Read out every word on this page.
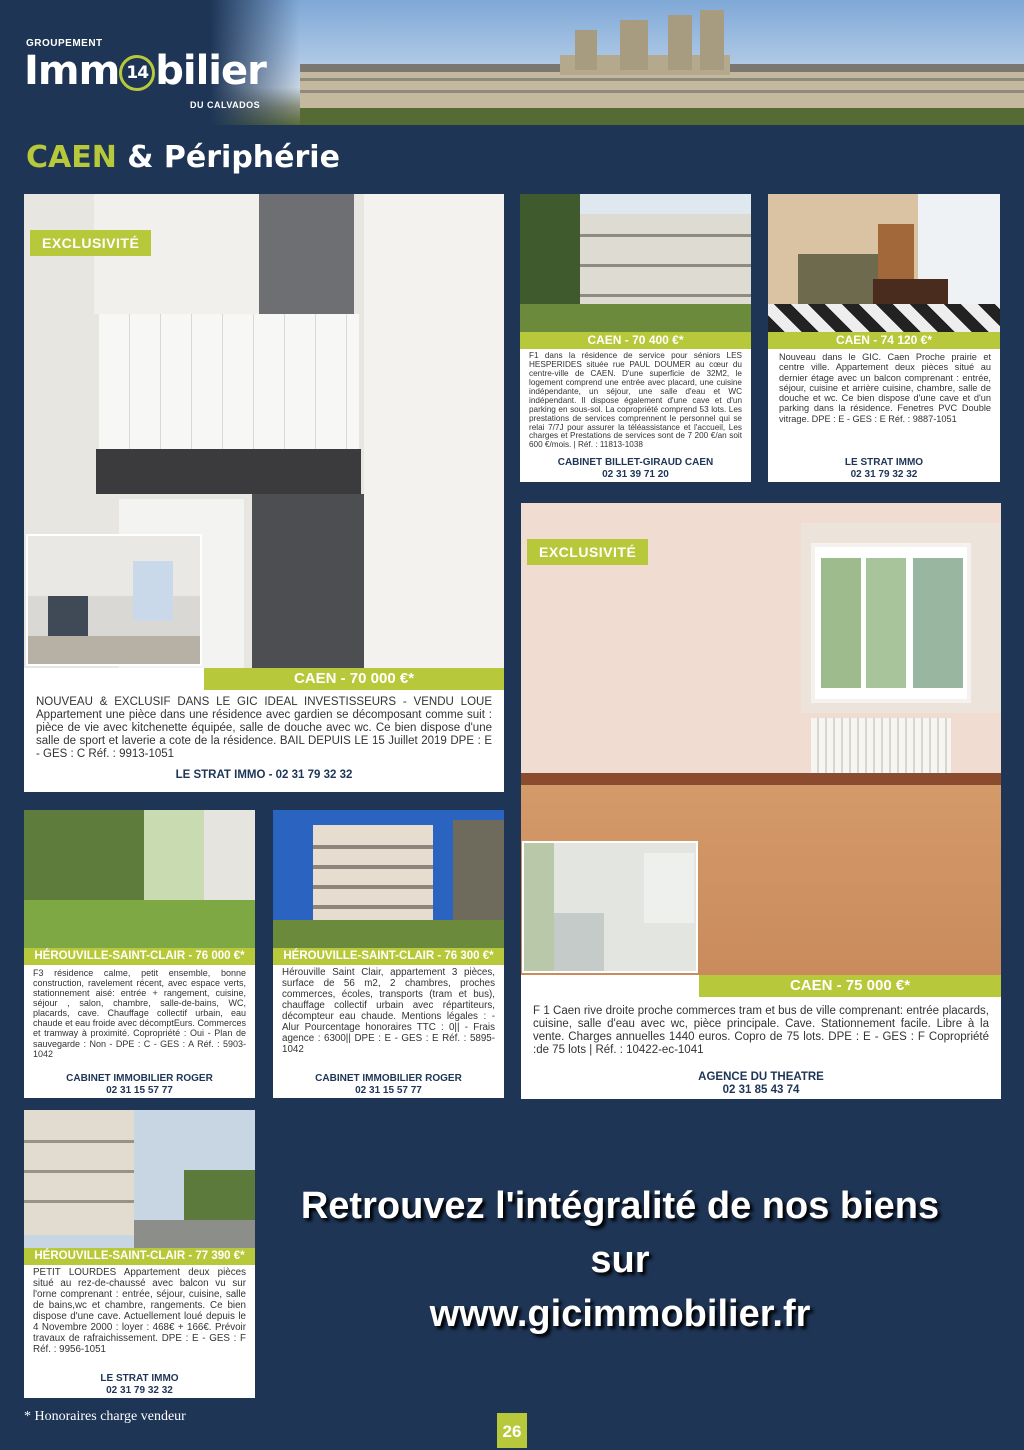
GROUPEMENT
Imm 14 bilier
DU CALVADOS
CAEN & Périphérie
EXCLUSIVITÉ
CAEN - 70 000 €*
NOUVEAU & EXCLUSIF DANS LE GIC IDEAL INVESTISSEURS - VENDU LOUE Appartement une pièce dans une résidence avec gardien se décomposant comme suit : pièce de vie avec kitchenette équipée, salle de douche avec wc. Ce bien dispose d'une salle de sport et laverie a cote de la résidence. BAIL DEPUIS LE 15 Juillet 2019 DPE : E - GES : C Réf. : 9913-1051
LE STRAT IMMO - 02 31 79 32 32
CAEN - 70 400 €*
F1 dans la résidence de service pour séniors LES HESPERIDES située rue PAUL DOUMER au cœur du centre-ville de CAEN. D'une superficie de 32M2, le logement comprend une entrée avec placard, une cuisine indépendante, un séjour, une salle d'eau et WC indépendant. Il dispose également d'une cave et d'un parking en sous-sol. La copropriété comprend 53 lots. Les prestations de services comprennent le personnel qui se relai 7/7J pour assurer la téléassistance et l'accueil, Les charges et Prestations de services sont de 7 200 €/an soit 600 €/mois. | Réf. : 11813-1038
CABINET BILLET-GIRAUD CAEN
02 31 39 71 20
CAEN - 74 120 €*
Nouveau dans le GIC. Caen Proche prairie et centre ville. Appartement deux pièces situé au dernier étage avec un balcon comprenant : entrée, séjour, cuisine et arrière cuisine, chambre, salle de douche et wc. Ce bien dispose d'une cave et d'un parking dans la résidence. Fenetres PVC Double vitrage. DPE : E - GES : E Réf. : 9887-1051
LE STRAT IMMO
02 31 79 32 32
EXCLUSIVITÉ
CAEN - 75 000 €*
F 1 Caen rive droite proche commerces tram et bus de ville comprenant: entrée placards, cuisine, salle d'eau avec wc, pièce principale. Cave. Stationnement facile. Libre à la vente. Charges annuelles 1440 euros. Copro de 75 lots. DPE : E - GES : F Copropriété :de 75 lots | Réf. : 10422-ec-1041
AGENCE DU THEATRE
02 31 85 43 74
HÉROUVILLE-SAINT-CLAIR - 76 000 €*
F3 résidence calme, petit ensemble, bonne construction, ravelement récent, avec espace verts, stationnement aisé: entrée + rangement, cuisine, séjour , salon, chambre, salle-de-bains, WC, placards, cave. Chauffage collectif urbain, eau chaude et eau froide avec décomptEurs. Commerces et tramway à proximité. Copropriété : Oui - Plan de sauvegarde : Non - DPE : C - GES : A Réf. : 5903-1042
CABINET IMMOBILIER ROGER
02 31 15 57 77
HÉROUVILLE-SAINT-CLAIR - 76 300 €*
Hérouville Saint Clair, appartement 3 pièces, surface de 56 m2, 2 chambres, proches commerces, écoles, transports (tram et bus), chauffage collectif urbain avec répartiteurs, décompteur eau chaude. Mentions légales : - Alur Pourcentage honoraires TTC : 0|| - Frais agence : 6300|| DPE : E - GES : E Réf. : 5895-1042
CABINET IMMOBILIER ROGER
02 31 15 57 77
HÉROUVILLE-SAINT-CLAIR - 77 390 €*
PETIT LOURDES Appartement deux pièces situé au rez-de-chaussé avec balcon vu sur l'orne comprenant : entrée, séjour, cuisine, salle de bains,wc et chambre, rangements. Ce bien dispose d'une cave. Actuellement loué depuis le 4 Novembre 2000 : loyer : 468€ + 166€. Prévoir travaux de rafraichissement. DPE : E - GES : F Réf. : 9956-1051
LE STRAT IMMO
02 31 79 32 32
Retrouvez l'intégralité de nos biens
sur
www.gicimmobilier.fr
* Honoraires charge vendeur
26
